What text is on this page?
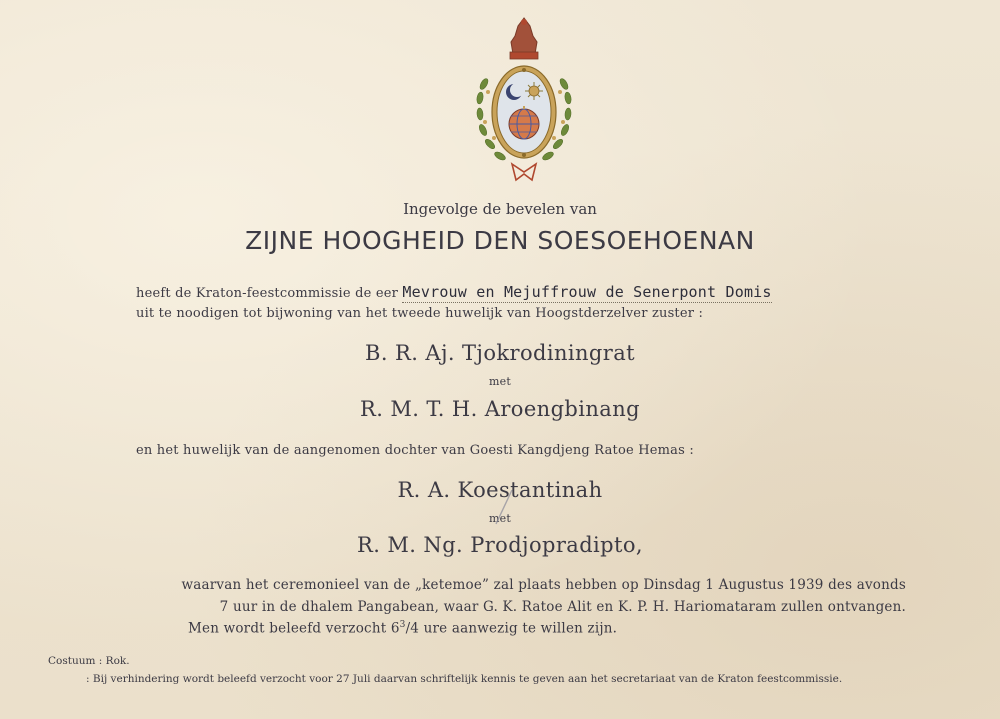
Ingevolge de bevelen van
ZIJNE HOOGHEID DEN SOESOEHOENAN
heeft de Kraton-feestcommissie de eer Mevrouw en Mejuffrouw de Senerpont Domis
uit te noodigen tot bijwoning van het tweede huwelijk van Hoogstderzelver zuster :
B. R. Aj. Tjokrodiningrat
met
R. M. T. H. Aroengbinang
en het huwelijk van de aangenomen dochter van Goesti Kangdjeng Ratoe Hemas :
R. A. Koestantinah
met
R. M. Ng. Prodjopradipto,
waarvan het ceremonieel van de „ketemoe” zal plaats hebben op Dinsdag 1 Augustus 1939 des avonds
7 uur in de dhalem Pangabean, waar G. K. Ratoe Alit en K. P. H. Hariomataram zullen ontvangen.
Men wordt beleefd verzocht $6^3/4$ ure aanwezig te willen zijn.
Costuum : Rok.
: Bij verhindering wordt beleefd verzocht voor 27 Juli daarvan schriftelijk kennis te geven aan het secretariaat van de Kraton feestcommissie.
